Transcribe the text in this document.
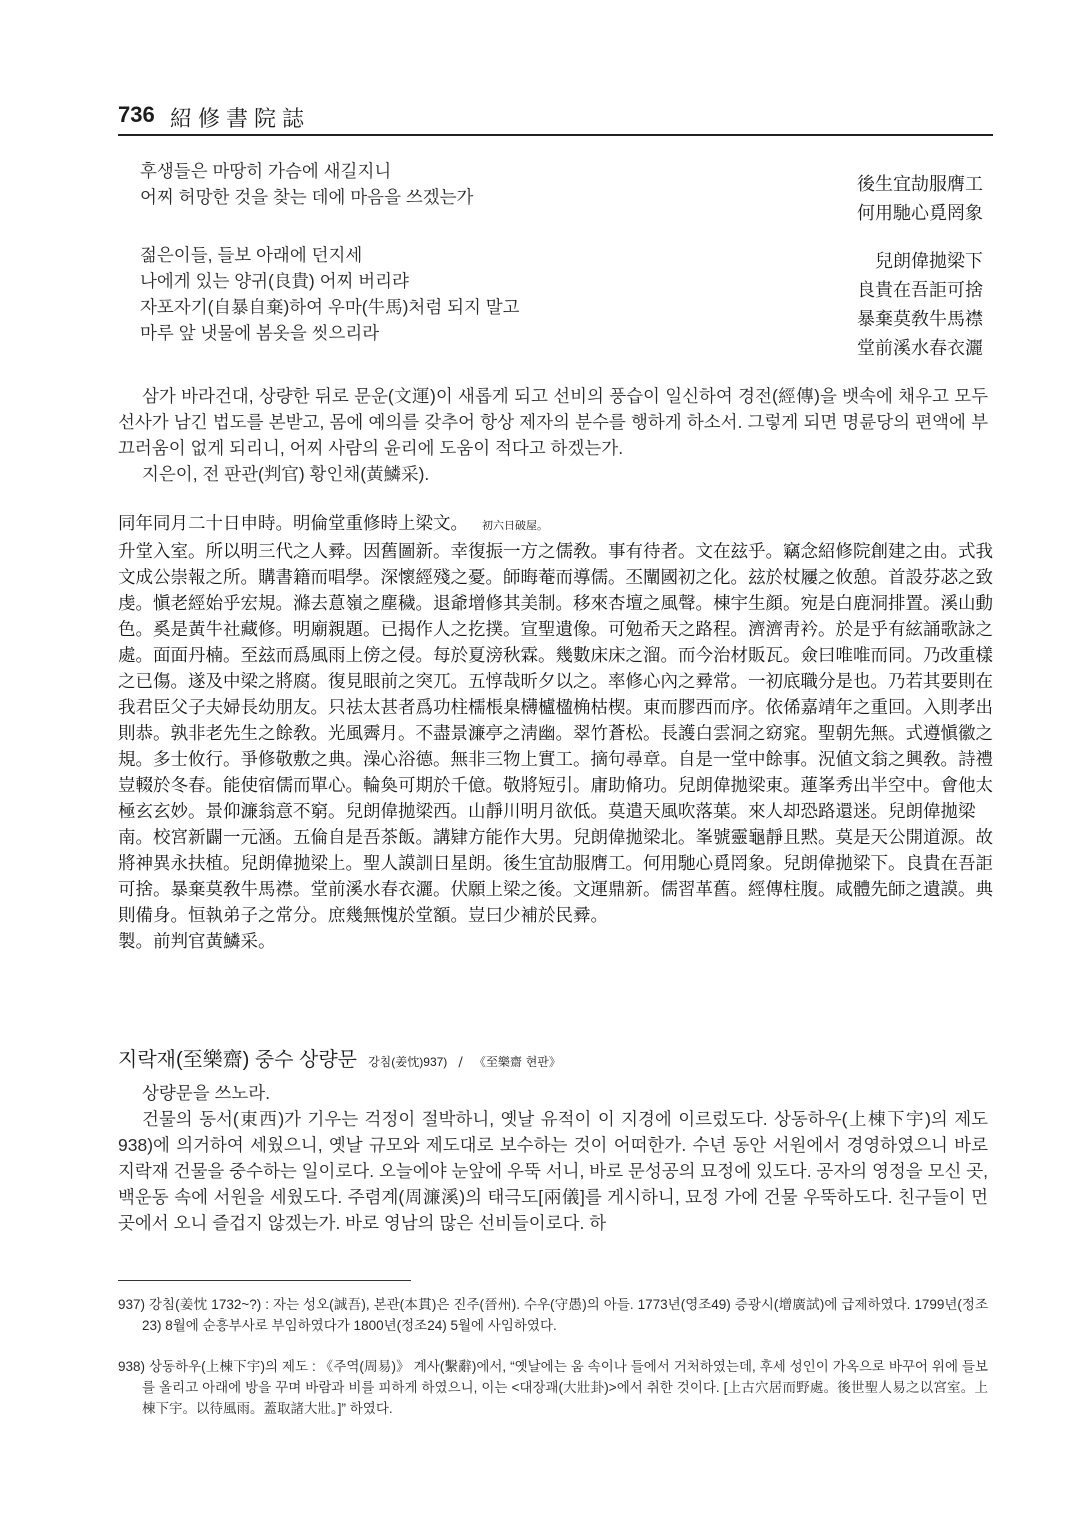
736 紹修書院誌
후생들은 마땅히 가슴에 새길지니
어찌 허망한 것을 찾는 데에 마음을 쓰겠는가
後生宜劼服膺工
何用馳心覓罔象
젊은이들, 들보 아래에 던지세
나에게 있는 양귀(良貴) 어찌 버리랴
자포자기(自暴自棄)하여 우마(牛馬)처럼 되지 말고
마루 앞 냇물에 봄옷을 씻으리라
兒朗偉拋梁下
良貴在吾詎可捨
暴棄莫敎牛馬襟
堂前溪水春衣灑

삼가 바라건대, 상량한 뒤로 문운(文運)이 새롭게 되고 선비의 풍습이 일신하여 경전(經傳)을 뱃속에 채우고 모두 선사가 남긴 법도를 본받고, 몸에 예의를 갖추어 항상 제자의 분수를 행하게 하소서. 그렇게 되면 명륜당의 편액에 부끄러움이 없게 되리니, 어찌 사람의 윤리에 도움이 적다고 하겠는가.

지은이, 전 판관(判官) 황인채(黃鱗采).

同年同月二十日申時。明倫堂重修時上梁文。 初六日破屋。

升堂入室。所以明三代之人彛。因舊圖新。幸復振一方之儒敎。事有待者。文在玆乎。竊念紹修院創建之由。式我文成公崇報之所。購書籍而唱學。深懷經殘之憂。師晦菴而導儒。丕闡國初之化。玆於杖屨之攸憩。首設芬苾之致虔。愼老經始乎宏規。滌去蒠嶺之塵穢。退爺增修其美制。移來杏壇之風聲。棟宇生顔。宛是白鹿洞排置。溪山動色。奚是黃牛社藏修。明廟親題。已揭作人之扢撲。宣聖遺像。可勉希天之路程。濟濟靑衿。於是乎有絃誦歌詠之處。面面丹楠。至玆而爲風雨上傍之侵。每於夏滂秋霖。幾數床床之溜。而今治材販瓦。僉曰唯唯而同。乃改重樣之已傷。遂及中梁之將腐。復見眼前之突兀。五惇哉昕夕以之。率修心內之彛常。一初底職分是也。乃若其要則在我君臣父子夫婦長幼朋友。只祛太甚者爲功柱檽棖臬欂櫨楹桷枯楔。東而膠西而序。依俙嘉靖年之重回。入則孝出則恭。孰非老先生之餘敎。光風霽月。不盡景濂亭之淸幽。翠竹蒼松。長護白雲洞之窈窕。聖朝先無。式遵愼徽之規。多士攸行。爭修敬敷之典。澡心浴德。無非三物上實工。摘句尋章。自是一堂中餘事。況値文翁之興敎。詩禮豈輟於冬春。能使宿儒而單心。輪奐可期於千億。敬將短引。庸助脩功。兒朗偉拋梁東。蓮峯秀出半空中。會他太極玄玄妙。景仰濂翁意不窮。兒朗偉拋梁西。山靜川明月欲低。莫遣天風吹落葉。來人却恐路還迷。兒朗偉拋梁南。校宮新闢一元涵。五倫自是吾茶飯。講肄方能作大男。兒朗偉拋梁北。峯號靈龜靜且黙。莫是天公開道源。故將神異永扶植。兒朗偉拋梁上。聖人謨訓日星朗。後生宜劼服膺工。何用馳心覓罔象。兒朗偉拋梁下。良貴在吾詎可捨。暴棄莫敎牛馬襟。堂前溪水春衣灑。伏願上梁之後。文運鼎新。儒習革舊。經傳柱腹。咸體先師之遺謨。典則備身。恒執弟子之常分。庶幾無愧於堂額。豈曰少補於民彛。

製。前判官黃鱗采。

지락재(至樂齋) 중수 상량문 강침(姜忱)937) / 《至樂齋 현판》

상량문을 쓰노라.

건물의 동서(東西)가 기우는 걱정이 절박하니, 옛날 유적이 이 지경에 이르렀도다. 상동하우(上棟下宇)의 제도938)에 의거하여 세웠으니, 옛날 규모와 제도대로 보수하는 것이 어떠한가. 수년 동안 서원에서 경영하였으니 바로 지락재 건물을 중수하는 일이로다. 오늘에야 눈앞에 우뚝 서니, 바로 문성공의 묘정에 있도다. 공자의 영정을 모신 곳, 백운동 속에 서원을 세웠도다. 주렴계(周濂溪)의 태극도[兩儀]를 게시하니, 묘정 가에 건물 우뚝하도다. 친구들이 먼 곳에서 오니 즐겁지 않겠는가. 바로 영남의 많은 선비들이로다. 하

937) 강침(姜忱 1732~?) : 자는 성오(誠吾), 본관(本貫)은 진주(晉州). 수우(守愚)의 아들. 1773년(영조49) 증광시(增廣試)에 급제하였다. 1799년(정조23) 8월에 순흥부사로 부임하였다가 1800년(정조24) 5월에 사임하였다.
938) 상동하우(上棟下宇)의 제도 : 《주역(周易)》 계사(繫辭)에서, “옛날에는 움 속이나 들에서 거처하였는데, 후세 성인이 가옥으로 바꾸어 위에 들보를 올리고 아래에 방을 꾸며 바람과 비를 피하게 하였으니, 이는 <대장괘(大壯卦)>에서 취한 것이다. [上古穴居而野處。後世聖人易之以宮室。上棟下宇。以待風雨。蓋取諸大壯。]” 하였다.
